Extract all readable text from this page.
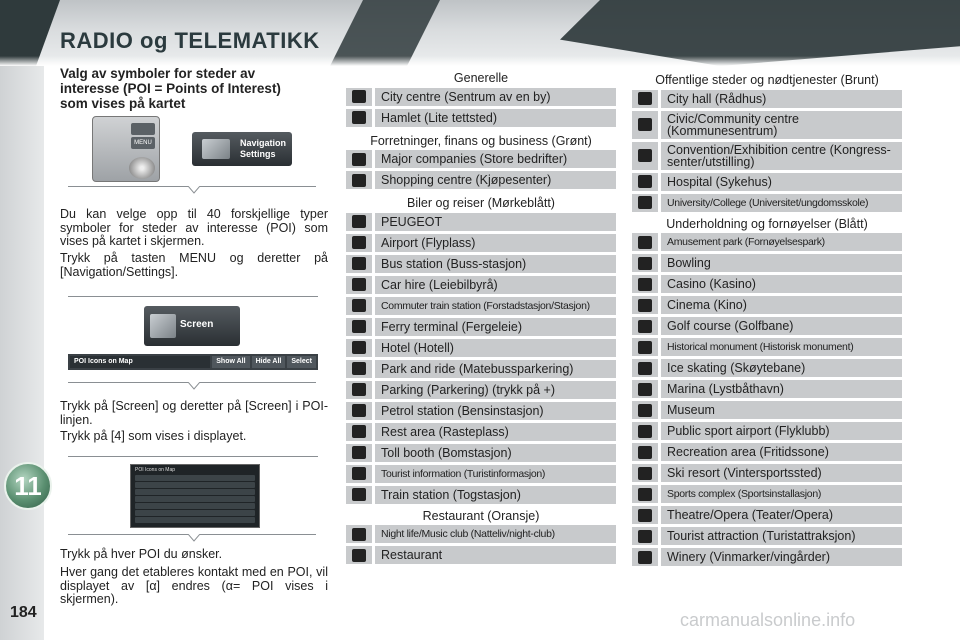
RADIO og TELEMATIKK
11
184
Valg av symboler for steder av interesse (POI = Points of Interest) som vises på kartet
Du kan velge opp til 40 forskjellige typer symboler for steder av interesse (POI) som vises på kartet i skjermen.
Trykk på tasten MENU og deretter på [Navigation/Settings].
Trykk på [Screen] og deretter på [Screen] i POI-linjen.
Trykk på [4] som vises i displayet.
Trykk på hver POI du ønsker.
Hver gang det etableres kontakt med en POI, vil displayet av [α] endres (α= POI vises i skjermen).
MENU	Navigation Settings
Screen
POI Icons on Map	Show All	Hide All	Select
POI Icons on Map
Generelle
City centre (Sentrum av en by)
Hamlet (Lite tettsted)
Forretninger, finans og business (Grønt)
Major companies (Store bedrifter)
Shopping centre (Kjøpesenter)
Biler og reiser (Mørkeblått)
PEUGEOT
Airport (Flyplass)
Bus station (Buss-stasjon)
Car hire (Leiebilbyrå)
Commuter train station (Forstadstasjon/Stasjon)
Ferry terminal (Fergeleie)
Hotel (Hotell)
Park and ride (Matebussparkering)
Parking (Parkering) (trykk på +)
Petrol station (Bensinstasjon)
Rest area (Rasteplass)
Toll booth (Bomstasjon)
Tourist information (Turistinformasjon)
Train station (Togstasjon)
Restaurant (Oransje)
Night life/Music club (Natteliv/night-club)
Restaurant
Offentlige steder og nødtjenester (Brunt)
City hall (Rådhus)
Civic/Community centre (Kommunesentrum)
Convention/Exhibition centre (Kongress-senter/utstilling)
Hospital (Sykehus)
University/College (Universitet/ungdomsskole)
Underholdning og fornøyelser (Blått)
Amusement park (Fornøyelsespark)
Bowling
Casino (Kasino)
Cinema (Kino)
Golf course (Golfbane)
Historical monument (Historisk monument)
Ice skating (Skøytebane)
Marina (Lystbåthavn)
Museum
Public sport airport (Flyklubb)
Recreation area (Fritidssone)
Ski resort (Vintersportssted)
Sports complex (Sportsinstallasjon)
Theatre/Opera (Teater/Opera)
Tourist attraction (Turistattraksjon)
Winery (Vinmarker/vingårder)
carmanualsonline.info
